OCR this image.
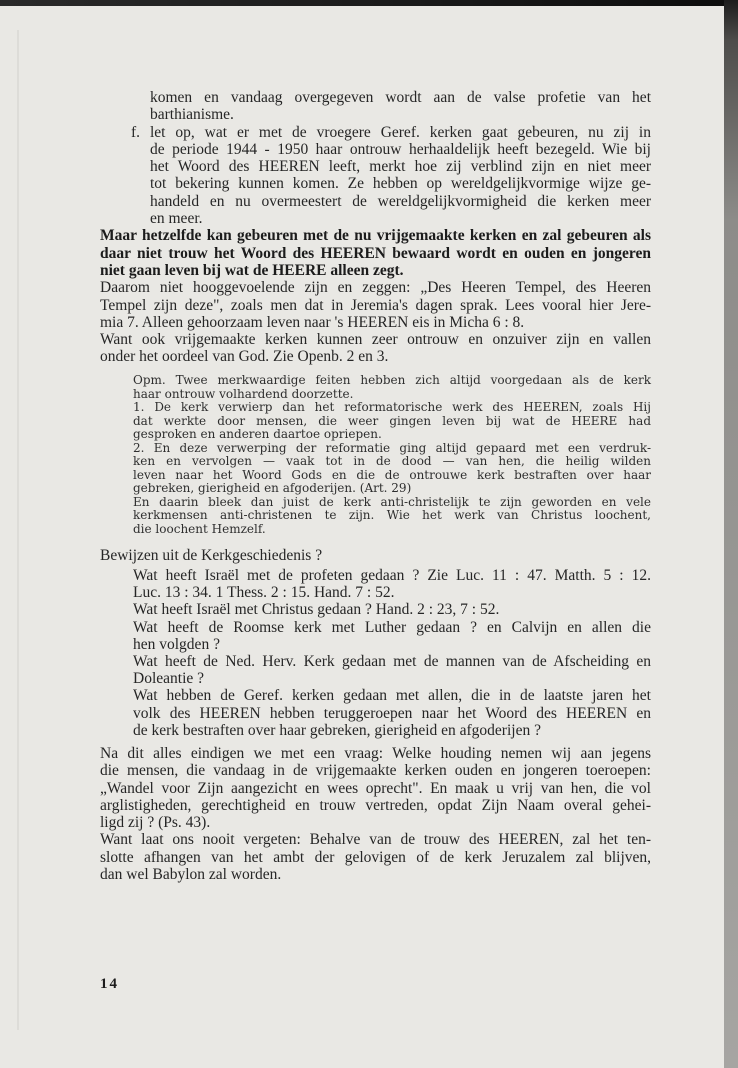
komen en vandaag overgegeven wordt aan de valse profetie van het
barthianisme.
f. let op, wat er met de vroegere Geref. kerken gaat gebeuren, nu zij in
de periode 1944 - 1950 haar ontrouw herhaaldelijk heeft bezegeld. Wie bij
het Woord des HEEREN leeft, merkt hoe zij verblind zijn en niet meer
tot bekering kunnen komen. Ze hebben op wereldgelijkvormige wijze ge-
handeld en nu overmeestert de wereldgelijkvormigheid die kerken meer
en meer.
Maar hetzelfde kan gebeuren met de nu vrijgemaakte kerken en zal gebeuren als
daar niet trouw het Woord des HEEREN bewaard wordt en ouden en jongeren
niet gaan leven bij wat de HEERE alleen zegt.
Daarom niet hooggevoelende zijn en zeggen: „Des Heeren Tempel, des Heeren
Tempel zijn deze", zoals men dat in Jeremia's dagen sprak. Lees vooral hier Jere-
mia 7. Alleen gehoorzaam leven naar 's HEEREN eis in Micha 6 : 8.
Want ook vrijgemaakte kerken kunnen zeer ontrouw en onzuiver zijn en vallen
onder het oordeel van God. Zie Openb. 2 en 3.
Opm. Twee merkwaardige feiten hebben zich altijd voorgedaan als de kerk
haar ontrouw volhardend doorzette.
1. De kerk verwierp dan het reformatorische werk des HEEREN, zoals Hij
dat werkte door mensen, die weer gingen leven bij wat de HEERE had
gesproken en anderen daartoe opriepen.
2. En deze verwerping der reformatie ging altijd gepaard met een verdruk-
ken en vervolgen — vaak tot in de dood — van hen, die heilig wilden
leven naar het Woord Gods en die de ontrouwe kerk bestraften over haar
gebreken, gierigheid en afgoderijen. (Art. 29)
En daarin bleek dan juist de kerk anti-christelijk te zijn geworden en vele
kerkmensen anti-christenen te zijn. Wie het werk van Christus loochent,
die loochent Hemzelf.
Bewijzen uit de Kerkgeschiedenis ?
Wat heeft Israël met de profeten gedaan ? Zie Luc. 11 : 47. Matth. 5 : 12.
Luc. 13 : 34. 1 Thess. 2 : 15. Hand. 7 : 52.
Wat heeft Israël met Christus gedaan ? Hand. 2 : 23, 7 : 52.
Wat heeft de Roomse kerk met Luther gedaan ? en Calvijn en allen die
hen volgden ?
Wat heeft de Ned. Herv. Kerk gedaan met de mannen van de Afscheiding en
Doleantie ?
Wat hebben de Geref. kerken gedaan met allen, die in de laatste jaren het
volk des HEEREN hebben teruggeroepen naar het Woord des HEEREN en
de kerk bestraften over haar gebreken, gierigheid en afgoderijen ?
Na dit alles eindigen we met een vraag: Welke houding nemen wij aan jegens
die mensen, die vandaag in de vrijgemaakte kerken ouden en jongeren toeroepen:
„Wandel voor Zijn aangezicht en wees oprecht". En maak u vrij van hen, die vol
arglistigheden, gerechtigheid en trouw vertreden, opdat Zijn Naam overal gehei-
ligd zij ? (Ps. 43).
Want laat ons nooit vergeten: Behalve van de trouw des HEEREN, zal het ten-
slotte afhangen van het ambt der gelovigen of de kerk Jeruzalem zal blijven,
dan wel Babylon zal worden.
14
